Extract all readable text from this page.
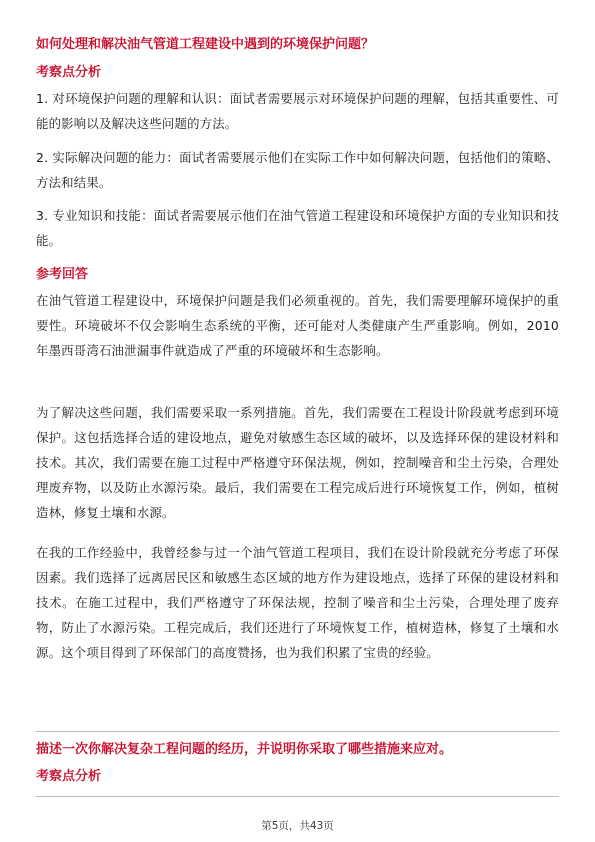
如何处理和解决油气管道工程建设中遇到的环境保护问题？
考察点分析
1. 对环境保护问题的理解和认识：面试者需要展示对环境保护问题的理解，包括其重要性、可能的影响以及解决这些问题的方法。
2. 实际解决问题的能力：面试者需要展示他们在实际工作中如何解决问题，包括他们的策略、方法和结果。
3. 专业知识和技能：面试者需要展示他们在油气管道工程建设和环境保护方面的专业知识和技能。
参考回答
在油气管道工程建设中，环境保护问题是我们必须重视的。首先，我们需要理解环境保护的重要性。环境破坏不仅会影响生态系统的平衡，还可能对人类健康产生严重影响。例如，2010年墨西哥湾石油泄漏事件就造成了严重的环境破坏和生态影响。
为了解决这些问题，我们需要采取一系列措施。首先，我们需要在工程设计阶段就考虑到环境保护。这包括选择合适的建设地点，避免对敏感生态区域的破坏，以及选择环保的建设材料和技术。其次，我们需要在施工过程中严格遵守环保法规，例如，控制噪音和尘土污染，合理处理废弃物，以及防止水源污染。最后，我们需要在工程完成后进行环境恢复工作，例如，植树造林，修复土壤和水源。
在我的工作经验中，我曾经参与过一个油气管道工程项目，我们在设计阶段就充分考虑了环保因素。我们选择了远离居民区和敏感生态区域的地方作为建设地点，选择了环保的建设材料和技术。在施工过程中，我们严格遵守了环保法规，控制了噪音和尘土污染，合理处理了废弃物，防止了水源污染。工程完成后，我们还进行了环境恢复工作，植树造林，修复了土壤和水源。这个项目得到了环保部门的高度赞扬，也为我们积累了宝贵的经验。
描述一次你解决复杂工程问题的经历，并说明你采取了哪些措施来应对。
考察点分析
第5页，共43页
